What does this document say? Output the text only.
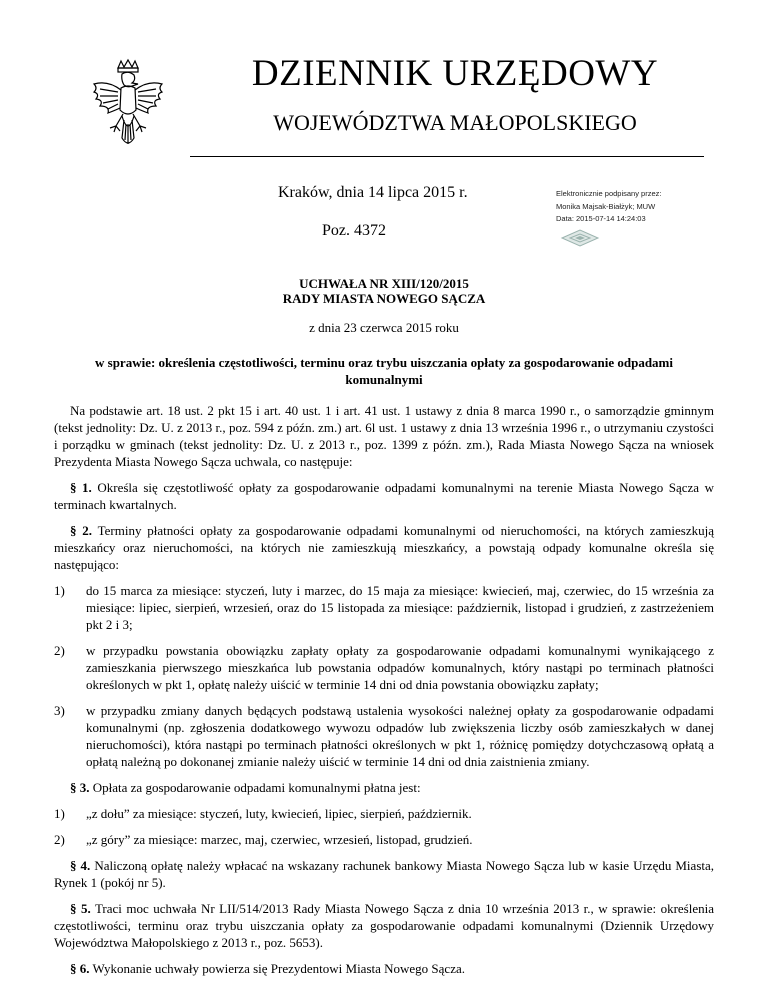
DZIENNIK URZĘDOWY
WOJEWÓDZTWA MAŁOPOLSKIEGO
Kraków, dnia 14 lipca 2015 r.
Poz. 4372
Elektronicznie podpisany przez:
Monika Majsak-Białżyk; MUW
Data: 2015-07-14 14:24:03
UCHWAŁA NR XIII/120/2015
RADY MIASTA NOWEGO SĄCZA
z dnia 23 czerwca 2015 roku
w sprawie: określenia częstotliwości, terminu oraz trybu uiszczania opłaty za gospodarowanie odpadami komunalnymi

Na podstawie art. 18 ust. 2 pkt 15 i art. 40 ust. 1 i art. 41 ust. 1 ustawy z dnia 8 marca 1990 r., o samorządzie gminnym (tekst jednolity: Dz. U. z 2013 r., poz. 594 z późn. zm.) art. 6l ust. 1 ustawy z dnia 13 września 1996 r., o utrzymaniu czystości i porządku w gminach (tekst jednolity: Dz. U. z 2013 r., poz. 1399 z późn. zm.), Rada Miasta Nowego Sącza na wniosek Prezydenta Miasta Nowego Sącza uchwala, co następuje:

§ 1. Określa się częstotliwość opłaty za gospodarowanie odpadami komunalnymi na terenie Miasta Nowego Sącza w terminach kwartalnych.

§ 2. Terminy płatności opłaty za gospodarowanie odpadami komunalnymi od nieruchomości, na których zamieszkują mieszkańcy oraz nieruchomości, na których nie zamieszkują mieszkańcy, a powstają odpady komunalne określa się następująco:

1) do 15 marca za miesiące: styczeń, luty i marzec, do 15 maja za miesiące: kwiecień, maj, czerwiec, do 15 września za miesiące: lipiec, sierpień, wrzesień, oraz do 15 listopada za miesiące: październik, listopad i grudzień, z zastrzeżeniem pkt 2 i 3;

2) w przypadku powstania obowiązku zapłaty opłaty za gospodarowanie odpadami komunalnymi wynikającego z zamieszkania pierwszego mieszkańca lub powstania odpadów komunalnych, który nastąpi po terminach płatności określonych w pkt 1, opłatę należy uiścić w terminie 14 dni od dnia powstania obowiązku zapłaty;

3) w przypadku zmiany danych będących podstawą ustalenia wysokości należnej opłaty za gospodarowanie odpadami komunalnymi (np. zgłoszenia dodatkowego wywozu odpadów lub zwiększenia liczby osób zamieszkałych w danej nieruchomości), która nastąpi po terminach płatności określonych w pkt 1, różnicę pomiędzy dotychczasową opłatą a opłatą należną po dokonanej zmianie należy uiścić w terminie 14 dni od dnia zaistnienia zmiany.

§ 3. Opłata za gospodarowanie odpadami komunalnymi płatna jest:

1) „z dołu” za miesiące: styczeń, luty, kwiecień, lipiec, sierpień, październik.

2) „z góry” za miesiące: marzec, maj, czerwiec, wrzesień, listopad, grudzień.

§ 4. Naliczoną opłatę należy wpłacać na wskazany rachunek bankowy Miasta Nowego Sącza lub w kasie Urzędu Miasta, Rynek 1 (pokój nr 5).

§ 5. Traci moc uchwała Nr LII/514/2013 Rady Miasta Nowego Sącza z dnia 10 września 2013 r., w sprawie: określenia częstotliwości, terminu oraz trybu uiszczania opłaty za gospodarowanie odpadami komunalnymi (Dziennik Urzędowy Województwa Małopolskiego z 2013 r., poz. 5653).

§ 6. Wykonanie uchwały powierza się Prezydentowi Miasta Nowego Sącza.
